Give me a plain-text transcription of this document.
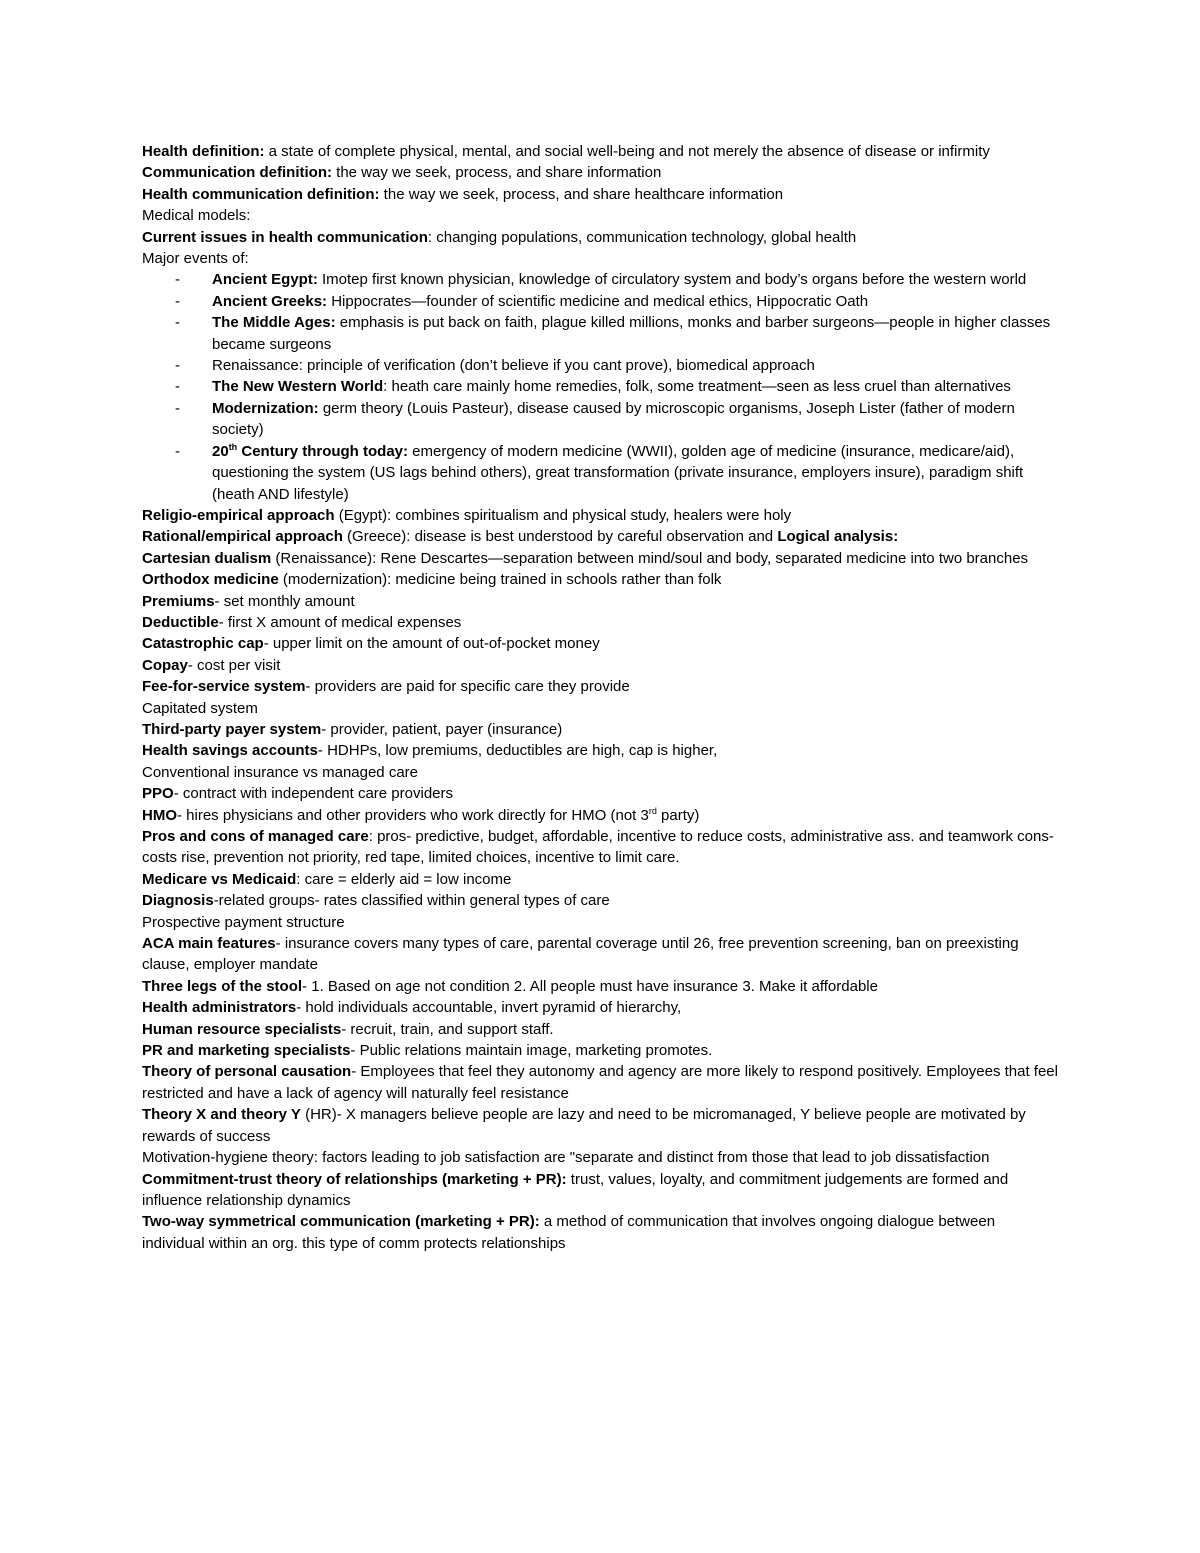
Health definition: a state of complete physical, mental, and social well-being and not merely the absence of disease or infirmity

Communication definition: the way we seek, process, and share information

Health communication definition: the way we seek, process, and share healthcare information

Medical models:

Current issues in health communication: changing populations, communication technology, global health

Major events of:

- Ancient Egypt: Imotep first known physician, knowledge of circulatory system and body’s organs before the western world
- Ancient Greeks: Hippocrates—founder of scientific medicine and medical ethics, Hippocratic Oath
- The Middle Ages: emphasis is put back on faith, plague killed millions, monks and barber surgeons—people in higher classes became surgeons
- Renaissance: principle of verification (don’t believe if you cant prove), biomedical approach
- The New Western World: heath care mainly home remedies, folk, some treatment—seen as less cruel than alternatives
- Modernization: germ theory (Louis Pasteur), disease caused by microscopic organisms, Joseph Lister (father of modern society)
- 20th Century through today: emergency of modern medicine (WWII), golden age of medicine (insurance, medicare/aid), questioning the system (US lags behind others), great transformation (private insurance, employers insure), paradigm shift (heath AND lifestyle)

Religio-empirical approach (Egypt): combines spiritualism and physical study, healers were holy

Rational/empirical approach (Greece): disease is best understood by careful observation and Logical analysis:

Cartesian dualism (Renaissance): Rene Descartes—separation between mind/soul and body, separated medicine into two branches

Orthodox medicine (modernization): medicine being trained in schools rather than folk

Premiums- set monthly amount

Deductible- first X amount of medical expenses

Catastrophic cap- upper limit on the amount of out-of-pocket money

Copay- cost per visit

Fee-for-service system- providers are paid for specific care they provide

Capitated system

Third-party payer system- provider, patient, payer (insurance)

Health savings accounts- HDHPs, low premiums, deductibles are high, cap is higher,

Conventional insurance vs managed care

PPO- contract with independent care providers

HMO- hires physicians and other providers who work directly for HMO (not 3rd party)

Pros and cons of managed care: pros- predictive, budget, affordable, incentive to reduce costs, administrative ass. and teamwork cons- costs rise, prevention not priority, red tape, limited choices, incentive to limit care.

Medicare vs Medicaid: care = elderly aid = low income

Diagnosis-related groups- rates classified within general types of care

Prospective payment structure

ACA main features- insurance covers many types of care, parental coverage until 26, free prevention screening, ban on preexisting clause, employer mandate

Three legs of the stool- 1. Based on age not condition 2. All people must have insurance 3. Make it affordable

Health administrators- hold individuals accountable, invert pyramid of hierarchy,

Human resource specialists- recruit, train, and support staff.

PR and marketing specialists- Public relations maintain image, marketing promotes.

Theory of personal causation- Employees that feel they autonomy and agency are more likely to respond positively. Employees that feel restricted and have a lack of agency will naturally feel resistance

Theory X and theory Y (HR)- X managers believe people are lazy and need to be micromanaged, Y believe people are motivated by rewards of success

Motivation-hygiene theory: factors leading to job satisfaction are "separate and distinct from those that lead to job dissatisfaction

Commitment-trust theory of relationships (marketing + PR): trust, values, loyalty, and commitment judgements are formed and influence relationship dynamics

Two-way symmetrical communication (marketing + PR): a method of communication that involves ongoing dialogue between individual within an org. this type of comm protects relationships
